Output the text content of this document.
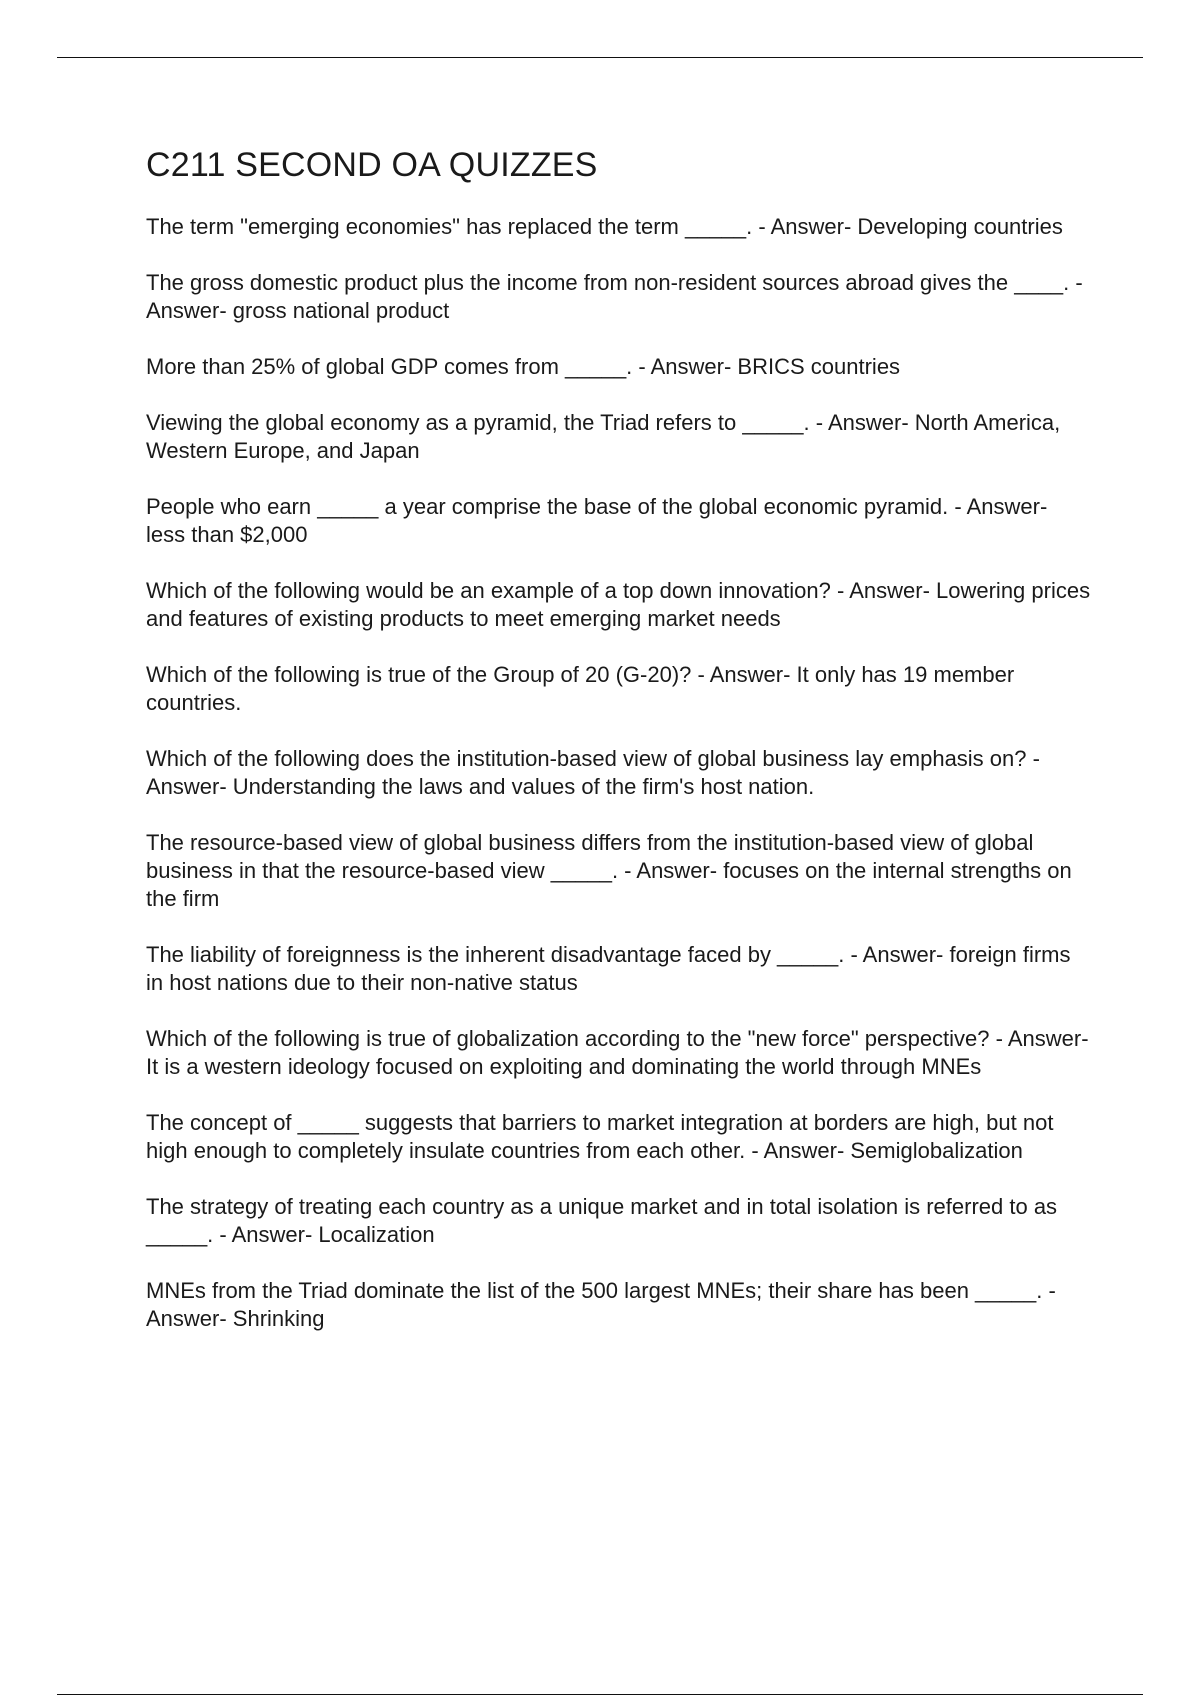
C211 SECOND OA QUIZZES

The term "emerging economies" has replaced the term _____. - Answer- Developing countries

The gross domestic product plus the income from non-resident sources abroad gives the ____. - Answer- gross national product

More than 25% of global GDP comes from _____. - Answer- BRICS countries

Viewing the global economy as a pyramid, the Triad refers to _____. - Answer- North America, Western Europe, and Japan

People who earn _____ a year comprise the base of the global economic pyramid. - Answer- less than $2,000

Which of the following would be an example of a top down innovation? - Answer- Lowering prices and features of existing products to meet emerging market needs

Which of the following is true of the Group of 20 (G-20)? - Answer- It only has 19 member countries.

Which of the following does the institution-based view of global business lay emphasis on? - Answer- Understanding the laws and values of the firm's host nation.

The resource-based view of global business differs from the institution-based view of global business in that the resource-based view _____. - Answer- focuses on the internal strengths on the firm

The liability of foreignness is the inherent disadvantage faced by _____. - Answer- foreign firms in host nations due to their non-native status

Which of the following is true of globalization according to the "new force" perspective? - Answer- It is a western ideology focused on exploiting and dominating the world through MNEs

The concept of _____ suggests that barriers to market integration at borders are high, but not high enough to completely insulate countries from each other. - Answer- Semiglobalization

The strategy of treating each country as a unique market and in total isolation is referred to as _____. - Answer- Localization

MNEs from the Triad dominate the list of the 500 largest MNEs; their share has been _____. - Answer- Shrinking
